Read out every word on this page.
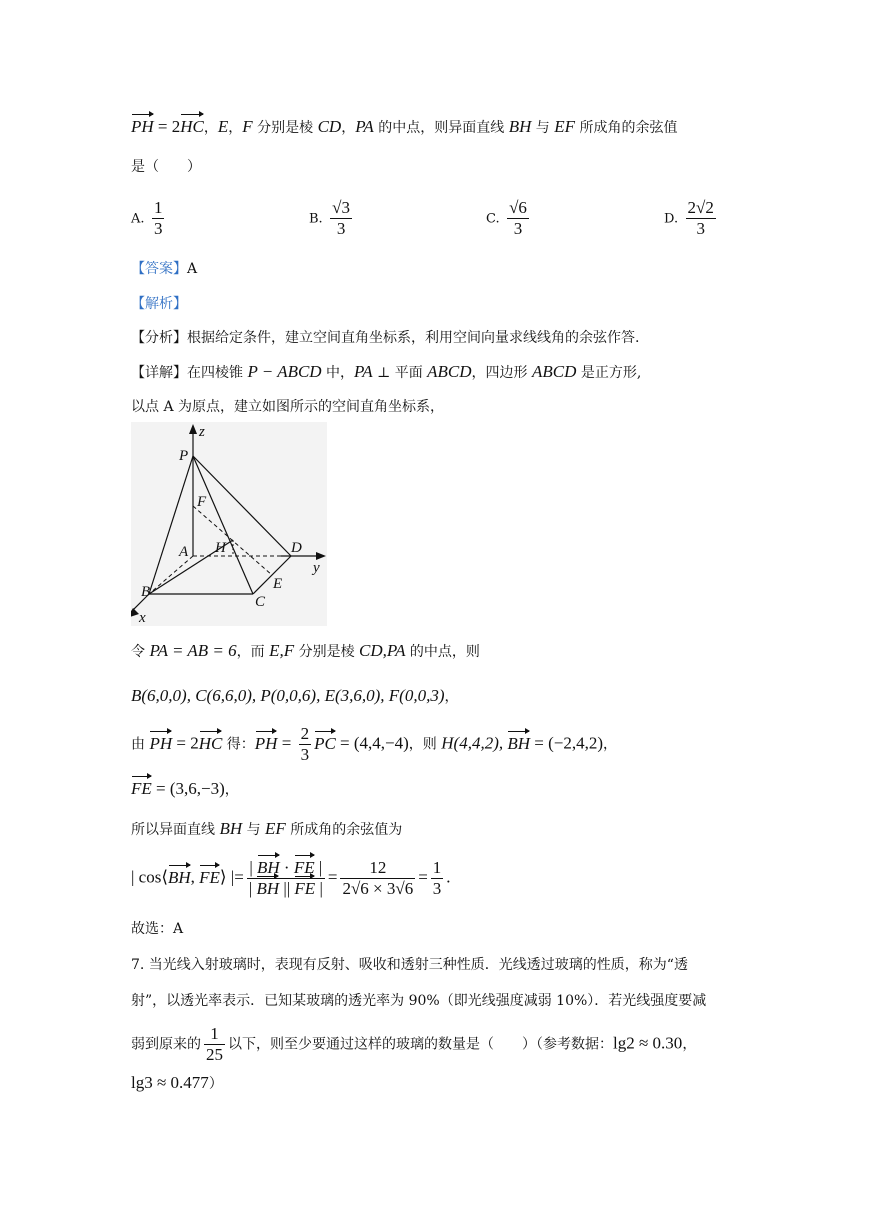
PH = 2HC，E，F 分别是棱 CD，PA 的中点，则异面直线 BH 与 EF 所成角的余弦值
是（　　）
A. $\frac{1}{3}$	B. $\frac{√3}{3}$	C. $\frac{√6}{3}$	D. $\frac{2√2}{3}$
【答案】A
【解析】
【分析】根据给定条件，建立空间直角坐标系，利用空间向量求线线角的余弦作答.
【详解】在四棱锥 P − ABCD 中，PA ⊥ 平面 ABCD，四边形 ABCD 是正方形,
以点 A 为原点，建立如图所示的空间直角坐标系，
z
P
F
A H	D
y
E
B
C
x
令 PA = AB = 6，而 E,F 分别是棱 CD,PA 的中点，则
B(6,0,0), C(6,6,0), P(0,0,6), E(3,6,0), F(0,0,3)，
由 PH = 2HC 得：PH = $\frac{2}{3}$ PC = (4,4,−4)，则 H(4,4,2), BH = (−2,4,2)，
FE = (3,6,−3)，
所以异面直线 BH 与 EF 所成角的余弦值为
| cos⟨BH, FE⟩ |= $\frac{| BH \cdot FE |}{| BH || FE |} = \frac{12}{2√6 \times 3√6} = \frac{1}{3}$ .
故选：A
7. 当光线入射玻璃时，表现有反射、吸收和透射三种性质．光线透过玻璃的性质，称为“透
射”，以透光率表示．已知某玻璃的透光率为 90%（即光线强度减弱 10%）．若光线强度要减
弱到原来的 $\frac{1}{25}$ 以下，则至少要通过这样的玻璃的数量是（　　）（参考数据：lg2 ≈ 0.30，
lg3 ≈ 0.477）
